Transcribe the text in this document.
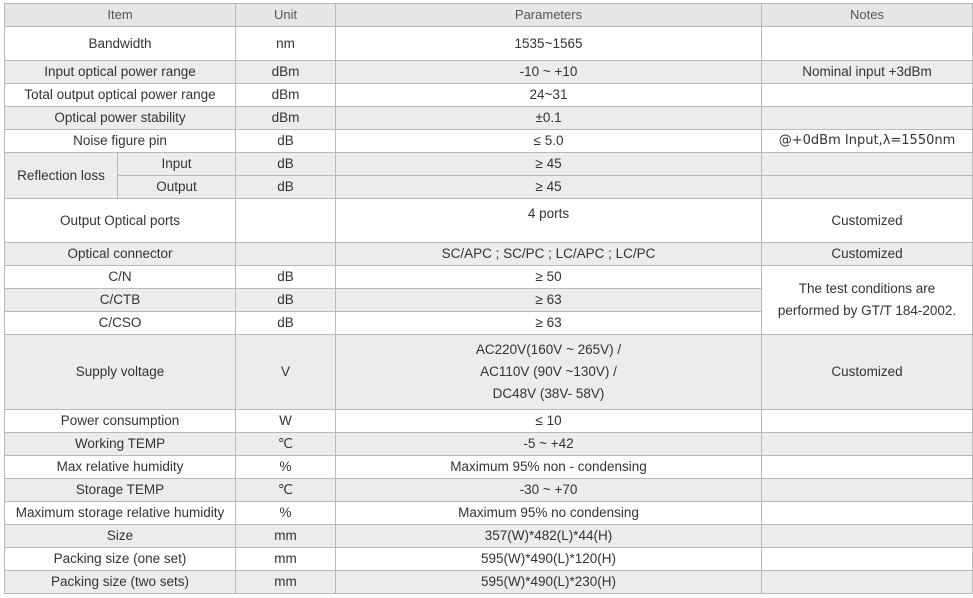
Item		Unit	Parameters	Notes
Bandwidth		nm	1535~1565	
Input optical power range		dBm	-10 ~ +10	Nominal input +3dBm
Total output optical power range		dBm	24~31	
Optical power stability		dBm	±0.1	
Noise figure pin		dB	≤ 5.0	@+0dBm Input,λ=1550nm
Reflection loss	Input	dB	≥ 45	
	Output	dB	≥ 45	
Output Optical ports			4 ports	Customized
Optical connector			SC/APC ; SC/PC ; LC/APC ; LC/PC	Customized
C/N		dB	≥ 50	The test conditions are
performed by GT/T 184-2002.

C/CTB		dB	≥ 63	
C/CSO		dB	≥ 63	
Supply voltage		V	AC220V(160V ~ 265V) /
AC110V (90V ~130V) /
DC48V (38V- 58V)	Customized
Power consumption		W	≤ 10	
Working TEMP		℃	-5 ~ +42	
Max relative humidity		%	Maximum 95% non - condensing	
Storage TEMP		℃	-30 ~ +70	
Maximum storage relative humidity		%	Maximum 95% no condensing	
Size		mm	357(W)*482(L)*44(H)	
Packing size (one set)		mm	595(W)*490(L)*120(H)	
Packing size (two sets)		mm	595(W)*490(L)*230(H)	
